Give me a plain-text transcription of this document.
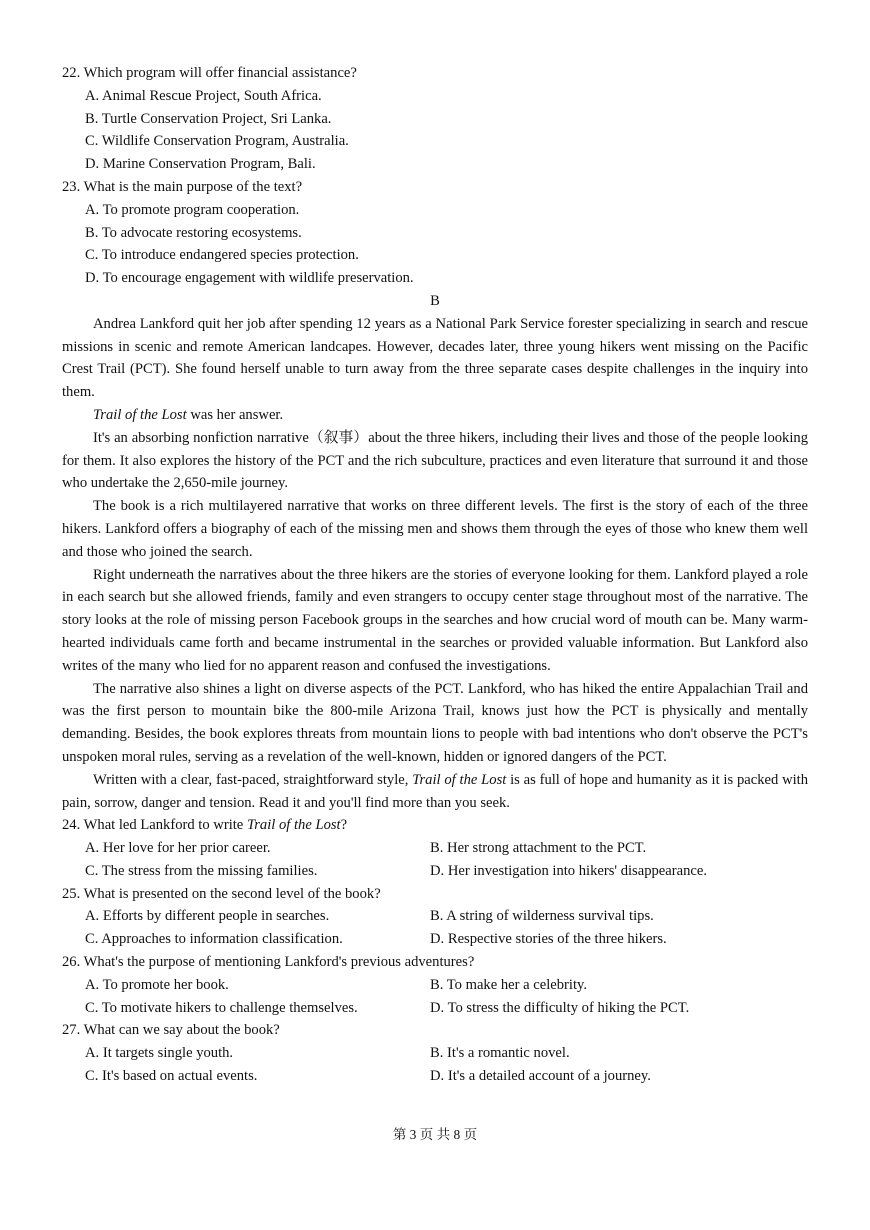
22. Which program will offer financial assistance?
A. Animal Rescue Project, South Africa.
B. Turtle Conservation Project, Sri Lanka.
C. Wildlife Conservation Program, Australia.
D. Marine Conservation Program, Bali.
23. What is the main purpose of the text?
A. To promote program cooperation.
B. To advocate restoring ecosystems.
C. To introduce endangered species protection.
D. To encourage engagement with wildlife preservation.
B

Andrea Lankford quit her job after spending 12 years as a National Park Service forester specializing in search and rescue missions in scenic and remote American landcapes. However, decades later, three young hikers went missing on the Pacific Crest Trail (PCT). She found herself unable to turn away from the three separate cases despite challenges in the inquiry into them.

Trail of the Lost was her answer.

It's an absorbing nonfiction narrative（叙事）about the three hikers, including their lives and those of the people looking for them. It also explores the history of the PCT and the rich subculture, practices and even literature that surround it and those who undertake the 2,650-mile journey.

The book is a rich multilayered narrative that works on three different levels. The first is the story of each of the three hikers. Lankford offers a biography of each of the missing men and shows them through the eyes of those who knew them well and those who joined the search.

Right underneath the narratives about the three hikers are the stories of everyone looking for them. Lankford played a role in each search but she allowed friends, family and even strangers to occupy center stage throughout most of the narrative. The story looks at the role of missing person Facebook groups in the searches and how crucial word of mouth can be. Many warm-hearted individuals came forth and became instrumental in the searches or provided valuable information. But Lankford also writes of the many who lied for no apparent reason and confused the investigations.

The narrative also shines a light on diverse aspects of the PCT. Lankford, who has hiked the entire Appalachian Trail and was the first person to mountain bike the 800-mile Arizona Trail, knows just how the PCT is physically and mentally demanding. Besides, the book explores threats from mountain lions to people with bad intentions who don't observe the PCT's unspoken moral rules, serving as a revelation of the well-known, hidden or ignored dangers of the PCT.

Written with a clear, fast-paced, straightforward style, Trail of the Lost is as full of hope and humanity as it is packed with pain, sorrow, danger and tension. Read it and you'll find more than you seek.

24. What led Lankford to write Trail of the Lost?
A. Her love for her prior career.	B. Her strong attachment to the PCT.
C. The stress from the missing families.	D. Her investigation into hikers' disappearance.
25. What is presented on the second level of the book?
A. Efforts by different people in searches.	B. A string of wilderness survival tips.
C. Approaches to information classification.	D. Respective stories of the three hikers.
26. What's the purpose of mentioning Lankford's previous adventures?
A. To promote her book.	B. To make her a celebrity.
C. To motivate hikers to challenge themselves.	D. To stress the difficulty of hiking the PCT.
27. What can we say about the book?
A. It targets single youth.	B. It's a romantic novel.
C. It's based on actual events.	D. It's a detailed account of a journey.
第 3 页 共 8 页
